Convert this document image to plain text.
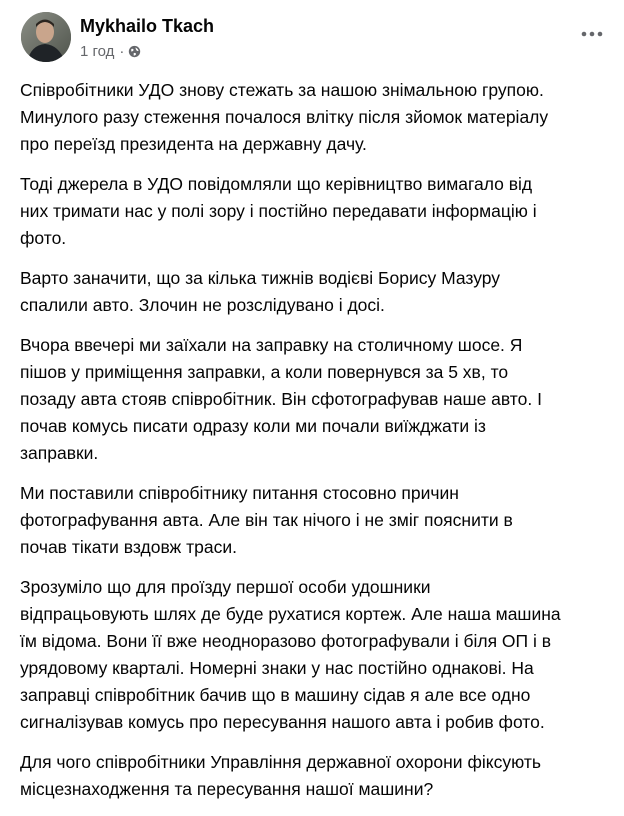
Mykhailo Tkach
1 год ·

Співробітники УДО знову стежать за нашою знімальною групою.
Минулого разу стеження почалося влітку після зйомок матеріалу
про переїзд президента на державну дачу.

Тоді джерела в УДО повідомляли що керівництво вимагало від
них тримати нас у полі зору і постійно передавати інформацію і
фото.

Варто заначити, що за кілька тижнів водієві Борису Мазуру
спалили авто. Злочин не розслідувано і досі.

Вчора ввечері ми заїхали на заправку на столичному шосе. Я
пішов у приміщення заправки, а коли повернувся за 5 хв, то
позаду авта стояв співробітник. Він сфотографував наше авто. І
почав комусь писати одразу коли ми почали виїжджати із
заправки.

Ми поставили співробітнику питання стосовно причин
фотографування авта. Але він так нічого і не зміг пояснити в
почав тікати вздовж траси.

Зрозуміло що для проїзду першої особи удошники
відпрацьовують шлях де буде рухатися кортеж. Але наша машина
їм відома. Вони її вже неодноразово фотографували і біля ОП і в
урядовому кварталі. Номерні знаки у нас постійно однакові. На
заправці співробітник бачив що в машину сідав я але все одно
сигналізував комусь про пересування нашого авта і робив фото.

Для чого співробітники Управління державної охорони фіксують
місцезнаходження та пересування нашої машини?
